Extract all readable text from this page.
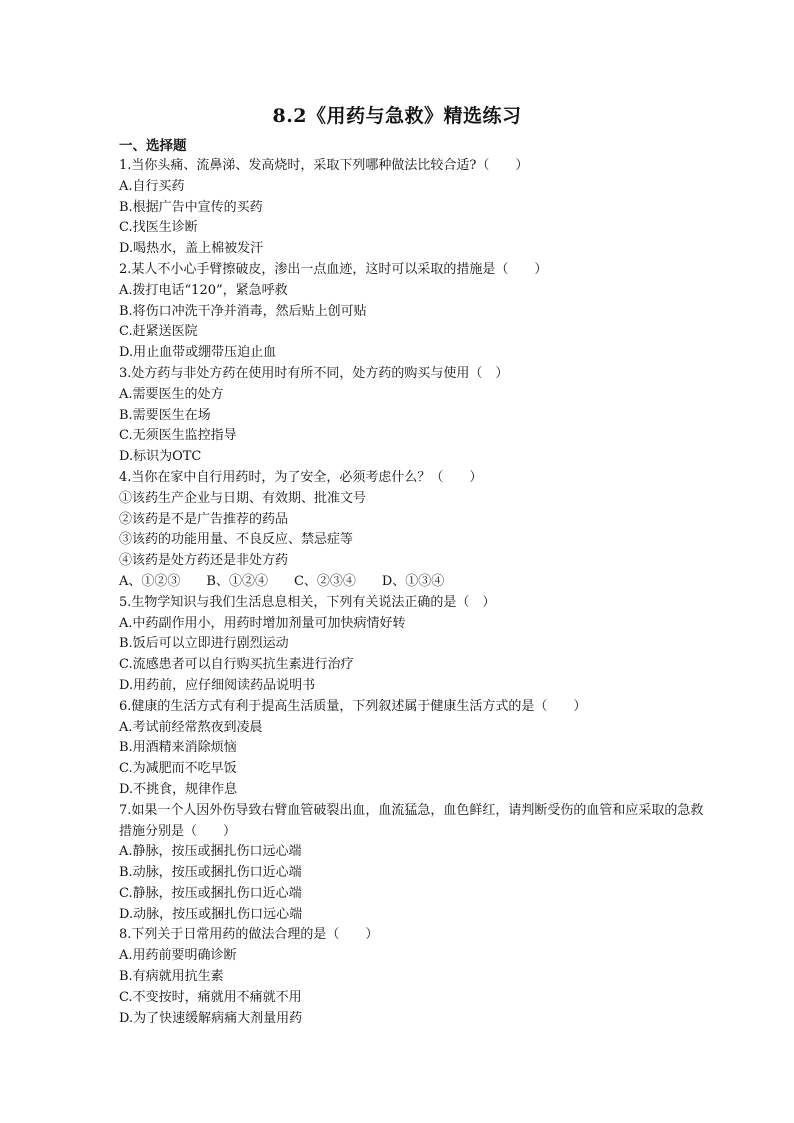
8.2《用药与急救》精选练习

一、选择题

1.当你头痛、流鼻涕、发高烧时，采取下列哪种做法比较合适?（　　）

A.自行买药

B.根据广告中宣传的买药

C.找医生诊断

D.喝热水，盖上棉被发汗

2.某人不小心手臂擦破皮，渗出一点血迹，这时可以采取的措施是（　　）

A.拨打电话“120”，紧急呼救

B.将伤口冲洗干净并消毒，然后贴上创可贴

C.赶紧送医院

D.用止血带或绷带压迫止血

3.处方药与非处方药在使用时有所不同，处方药的购买与使用（　）

A.需要医生的处方

B.需要医生在场

C.无须医生监控指导

D.标识为OTC

4.当你在家中自行用药时，为了安全，必须考虑什么？（　　）

①该药生产企业与日期、有效期、批准文号

②该药是不是广告推荐的药品

③该药的功能用量、不良反应、禁忌症等

④该药是处方药还是非处方药

A、①②③　　B、①②④　　C、②③④　　D、①③④

5.生物学知识与我们生活息息相关，下列有关说法正确的是（　）

A.中药副作用小，用药时增加剂量可加快病情好转

B.饭后可以立即进行剧烈运动

C.流感患者可以自行购买抗生素进行治疗

D.用药前，应仔细阅读药品说明书

6.健康的生活方式有利于提高生活质量，下列叙述属于健康生活方式的是（　　）

A.考试前经常熬夜到凌晨

B.用酒精来消除烦恼

C.为减肥而不吃早饭

D.不挑食，规律作息

7.如果一个人因外伤导致右臂血管破裂出血，血流猛急，血色鲜红，请判断受伤的血管和应采取的急救措施分别是（　　）

A.静脉，按压或捆扎伤口远心端

B.动脉，按压或捆扎伤口近心端

C.静脉，按压或捆扎伤口近心端

D.动脉，按压或捆扎伤口远心端

8.下列关于日常用药的做法合理的是（　　）

A.用药前要明确诊断

B.有病就用抗生素

C.不变按时，痛就用不痛就不用

D.为了快速缓解病痛大剂量用药
